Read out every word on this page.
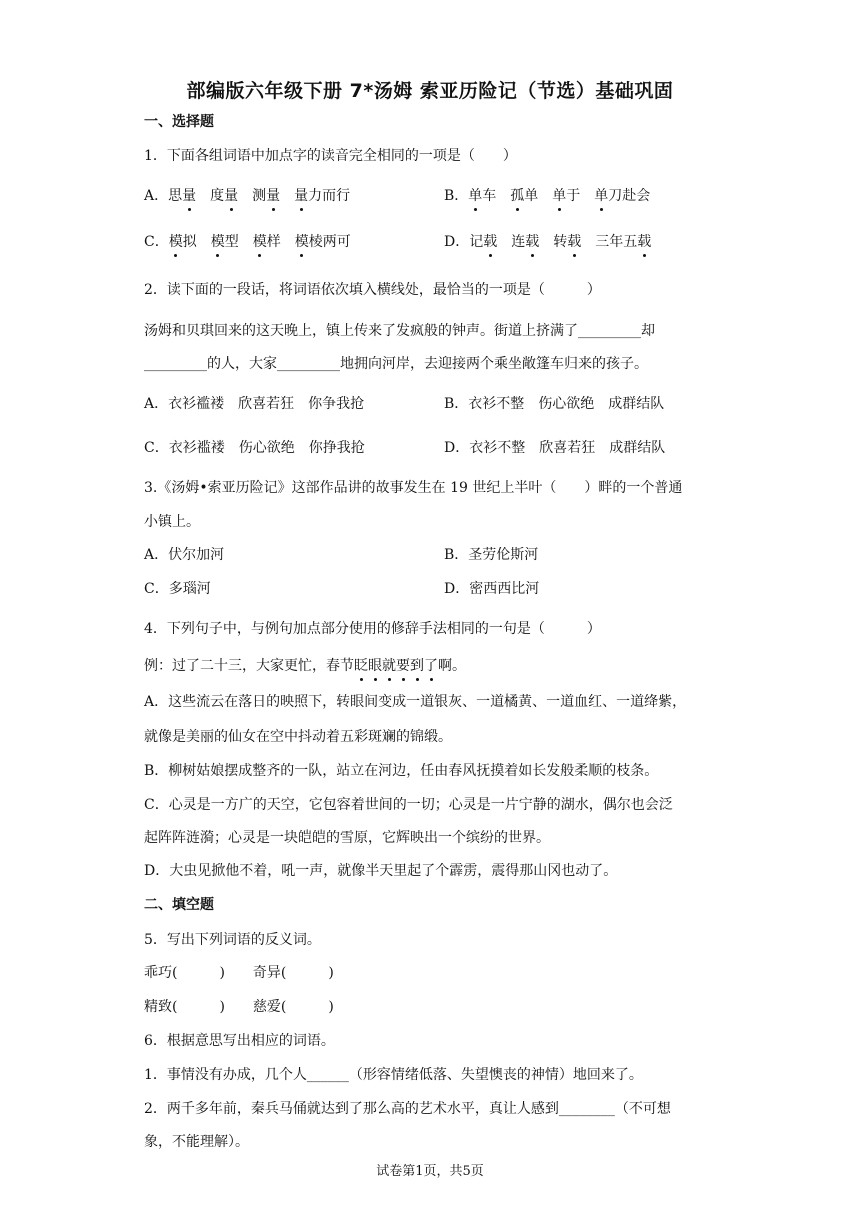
部编版六年级下册 7*汤姆 索亚历险记（节选）基础巩固
一、选择题
1．下面各组词语中加点字的读音完全相同的一项是（　　）
A．思量 度量 测量 量力而行	B．单车 孤单 单于 单刀赴会
C．模拟 模型 模样 模棱两可	D．记载 连载 转载 三年五载
2．读下面的一段话，将词语依次填入横线处，最恰当的一项是（　　　）
汤姆和贝琪回来的这天晚上，镇上传来了发疯般的钟声。街道上挤满了_________却
_________的人，大家_________地拥向河岸，去迎接两个乘坐敞篷车归来的孩子。
A．衣衫褴褛　欣喜若狂　你争我抢	B．衣衫不整　伤心欲绝　成群结队
C．衣衫褴褛　伤心欲绝　你挣我抢	D．衣衫不整　欣喜若狂　成群结队
3.《汤姆•索亚历险记》这部作品讲的故事发生在 19 世纪上半叶（　　）畔的一个普通
小镇上。
A．伏尔加河	B．圣劳伦斯河
C．多瑙河	D．密西西比河
4．下列句子中，与例句加点部分使用的修辞手法相同的一句是（　　　）
例：过了二十三，大家更忙，春节眨眼就要到了啊。
A．这些流云在落日的映照下，转眼间变成一道银灰、一道橘黄、一道血红、一道绛紫，
就像是美丽的仙女在空中抖动着五彩斑斓的锦缎。
B．柳树姑娘摆成整齐的一队，站立在河边，任由春风抚摸着如长发般柔顺的枝条。
C．心灵是一方广的天空，它包容着世间的一切；心灵是一片宁静的湖水，偶尔也会泛
起阵阵涟漪；心灵是一块皑皑的雪原，它辉映出一个缤纷的世界。
D．大虫见掀他不着，吼一声，就像半天里起了个霹雳，震得那山冈也动了。
二、填空题
5．写出下列词语的反义词。
乖巧(　　　)　　奇异(　　　)
精致(　　　)　　慈爱(　　　)
6．根据意思写出相应的词语。
1．事情没有办成，几个人______（形容情绪低落、失望懊丧的神情）地回来了。
2．两千多年前，秦兵马俑就达到了那么高的艺术水平，真让人感到________（不可想
象，不能理解）。
试卷第1页，共5页
